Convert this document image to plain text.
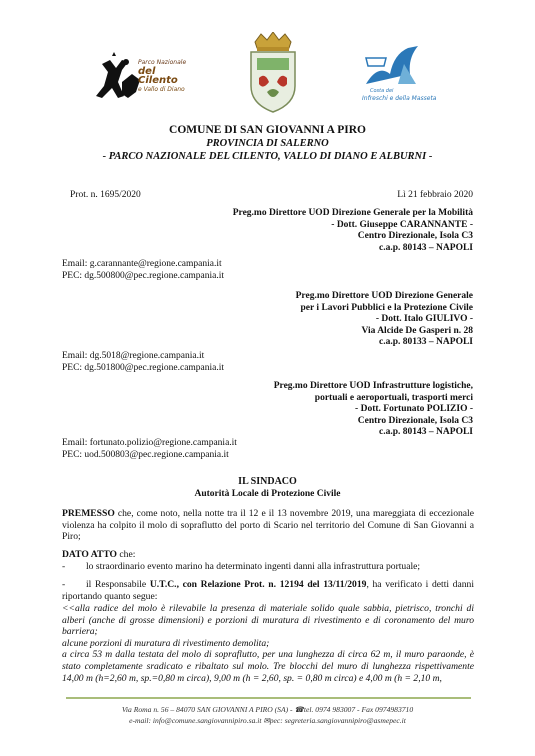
Parco Nazionale
del Cilento
e Vallo di Diano	Costa dei
Infreschi e della Masseta
COMUNE DI SAN GIOVANNI A PIRO
PROVINCIA DI SALERNO
- PARCO NAZIONALE DEL CILENTO, VALLO DI DIANO E ALBURNI -
Prot. n. 1695/2020	Lì 21 febbraio 2020
Preg.mo Direttore UOD Direzione Generale per la Mobilità
- Dott. Giuseppe CARANNANTE -
Centro Direzionale, Isola C3
c.a.p. 80143 – NAPOLI
Email: g.carannante@regione.campania.it
PEC: dg.500800@pec.regione.campania.it
Preg.mo Direttore UOD Direzione Generale
per i Lavori Pubblici e la Protezione Civile
- Dott. Italo GIULIVO -
Via Alcide De Gasperi n. 28
c.a.p. 80133 – NAPOLI
Email: dg.5018@regione.campania.it
PEC: dg.501800@pec.regione.campania.it
Preg.mo Direttore UOD Infrastrutture logistiche,
portuali e aeroportuali, trasporti merci
- Dott. Fortunato POLIZIO -
Centro Direzionale, Isola C3
c.a.p. 80143 – NAPOLI
Email: fortunato.polizio@regione.campania.it
PEC: uod.500803@pec.regione.campania.it
IL SINDACO
Autorità Locale di Protezione Civile
PREMESSO che, come noto, nella notte tra il 12 e il 13 novembre 2019, una mareggiata di eccezionale violenza ha colpito il molo di sopraflutto del porto di Scario nel territorio del Comune di San Giovanni a Piro;
DATO ATTO che:
- lo straordinario evento marino ha determinato ingenti danni alla infrastruttura portuale;
-	il Responsabile U.T.C., con Relazione Prot. n. 12194 del 13/11/2019, ha verificato i detti danni riportando quanto segue:
<<alla radice del molo è rilevabile la presenza di materiale solido quale sabbia, pietrisco, tronchi di alberi (anche di grosse dimensioni) e porzioni di muratura di rivestimento e di coronamento del muro barriera;
alcune porzioni di muratura di rivestimento demolita;
a circa 53 m dalla testata del molo di sopraflutto, per una lunghezza di circa 62 m, il muro paraonde, è stato completamente sradicato e ribaltato sul molo. Tre blocchi del muro di lunghezza rispettivamente 14,00 m (h=2,60 m, sp.=0,80 m circa), 9,00 m (h = 2,60, sp. = 0,80 m circa) e 4,00 m (h = 2,10 m,
Via Roma n. 56 – 84070 SAN GIOVANNI A PIRO (SA) - ☎tel. 0974 983007 - Fax 0974983710
e-mail: info@comune.sangiovannipiro.sa.it ✉pec: segreteria.sangiovannipiro@asmepec.it
